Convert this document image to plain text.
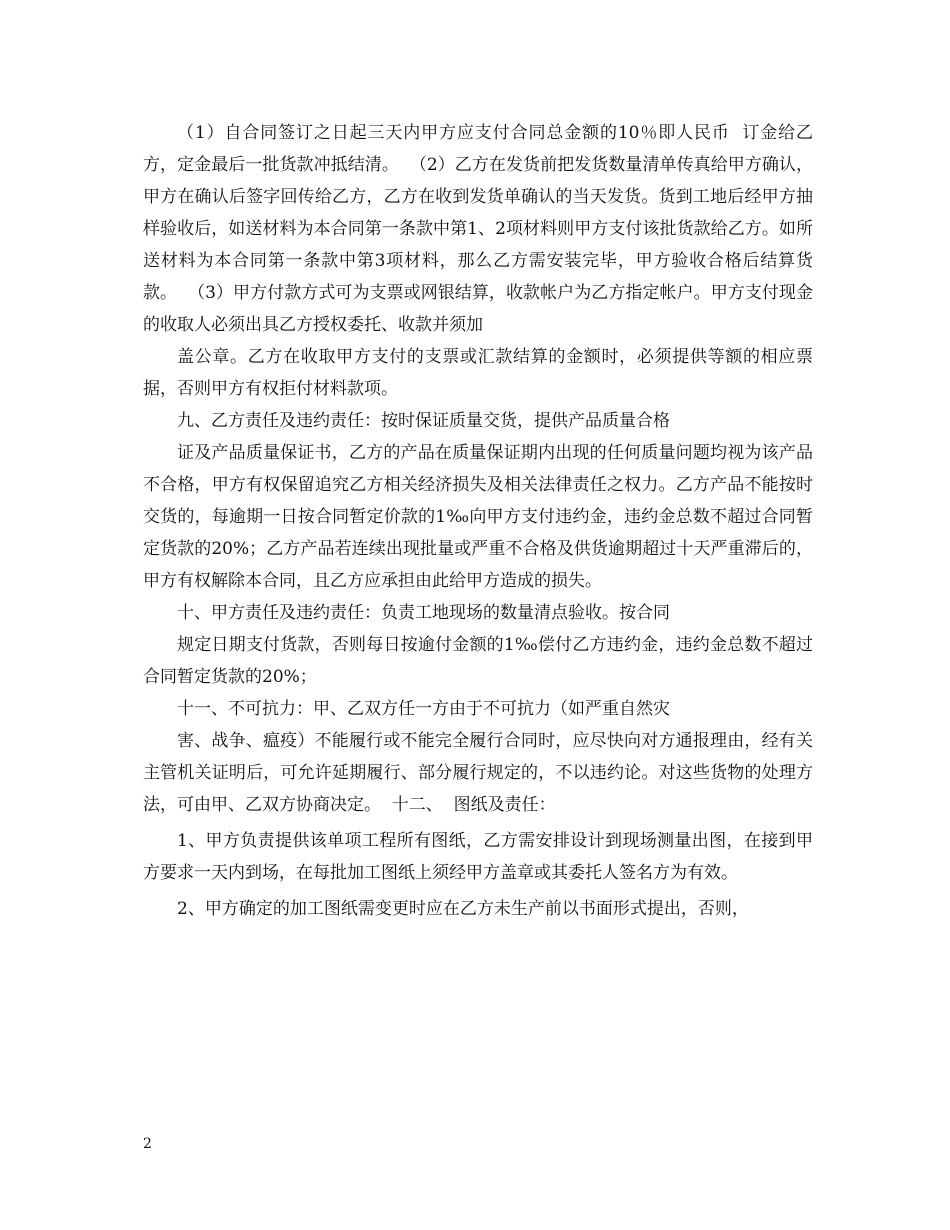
（1）自合同签订之日起三天内甲方应支付合同总金额的10％即人民币  订金给乙方，定金最后一批货款冲抵结清。  （2）乙方在发货前把发货数量清单传真给甲方确认，甲方在确认后签字回传给乙方，乙方在收到发货单确认的当天发货。货到工地后经甲方抽样验收后，如送材料为本合同第一条款中第1、2项材料则甲方支付该批货款给乙方。如所送材料为本合同第一条款中第3项材料，那么乙方需安装完毕，甲方验收合格后结算货款。  （3）甲方付款方式可为支票或网银结算，收款帐户为乙方指定帐户。甲方支付现金的收取人必须出具乙方授权委托、收款并须加

盖公章。乙方在收取甲方支付的支票或汇款结算的金额时，必须提供等额的相应票据，否则甲方有权拒付材料款项。

九、乙方责任及违约责任：按时保证质量交货，提供产品质量合格

证及产品质量保证书，乙方的产品在质量保证期内出现的任何质量问题均视为该产品不合格，甲方有权保留追究乙方相关经济损失及相关法律责任之权力。乙方产品不能按时交货的，每逾期一日按合同暂定价款的1‰向甲方支付违约金，违约金总数不超过合同暂定货款的20%；乙方产品若连续出现批量或严重不合格及供货逾期超过十天严重滞后的，甲方有权解除本合同，且乙方应承担由此给甲方造成的损失。

十、甲方责任及违约责任：负责工地现场的数量清点验收。按合同

规定日期支付货款，否则每日按逾付金额的1‰偿付乙方违约金，违约金总数不超过合同暂定货款的20%；

十一、不可抗力：甲、乙双方任一方由于不可抗力（如严重自然灾

害、战争、瘟疫）不能履行或不能完全履行合同时，应尽快向对方通报理由，经有关主管机关证明后，可允许延期履行、部分履行规定的，不以违约论。对这些货物的处理方法，可由甲、乙双方协商决定。  十二、  图纸及责任：

1、甲方负责提供该单项工程所有图纸，乙方需安排设计到现场测量出图，在接到甲方要求一天内到场，在每批加工图纸上须经甲方盖章或其委托人签名方为有效。

2、甲方确定的加工图纸需变更时应在乙方未生产前以书面形式提出，否则，

2
